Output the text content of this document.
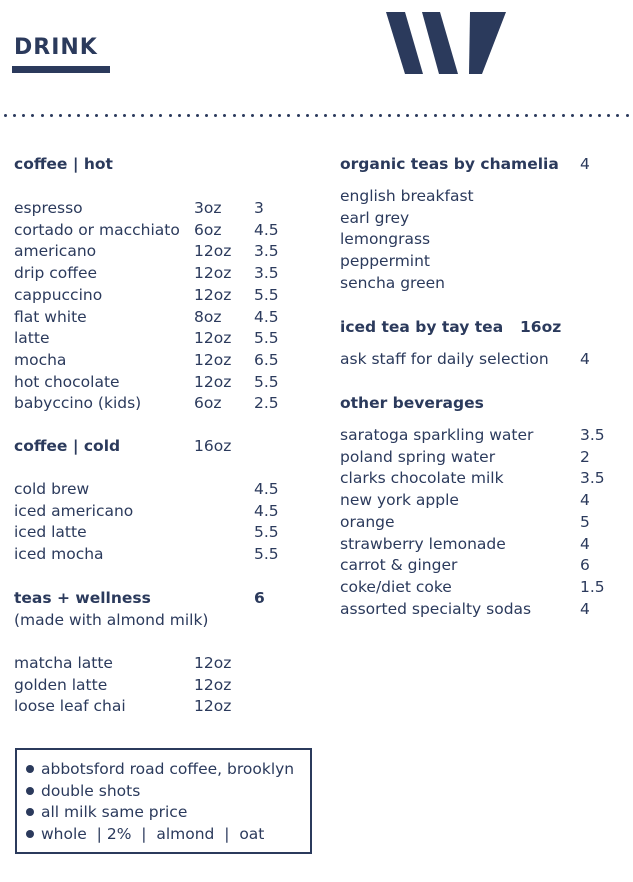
DRINK
coffee | hot
espresso	3oz 3
cortado or macchiato 6oz 4.5
americano	12oz 3.5
drip coffee	12oz 3.5
cappuccino	12oz 5.5
flat white	8oz 4.5
latte	12oz 5.5
mocha	12oz 6.5
hot chocolate	12oz 5.5
babyccino (kids)	6oz 2.5
coffee | cold	16oz
cold brew	4.5
iced americano	4.5
iced latte	5.5
iced mocha	5.5
teas + wellness	6
(made with almond milk)
matcha latte	12oz
golden latte	12oz
loose leaf chai	12oz
organic teas by chamelia 4
english breakfast
earl grey
lemongrass
peppermint
sencha green
iced tea by tay tea 16oz
ask staff for daily selection 4
other beverages
saratoga sparkling water	3.5
poland spring water	2
clarks chocolate milk	3.5
new york apple	4
orange	5
strawberry lemonade	4
carrot & ginger	6
coke/diet coke	1.5
assorted specialty sodas	4
abbotsford road coffee, brooklyn
double shots
all milk same price
whole  | 2%  |  almond  |  oat
